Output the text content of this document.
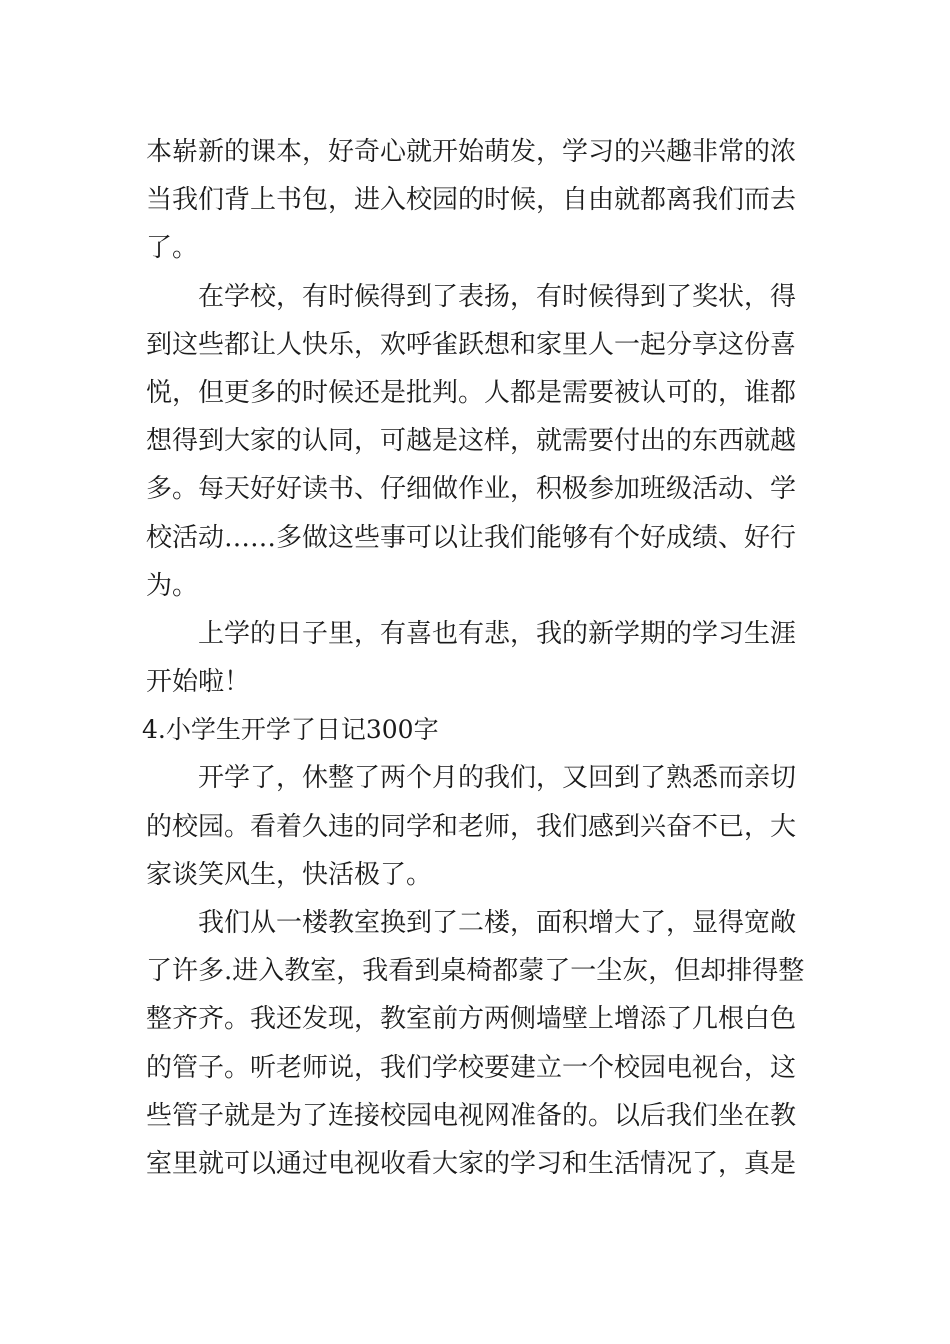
本崭新的课本，好奇心就开始萌发，学习的兴趣非常的浓
当我们背上书包，进入校园的时候，自由就都离我们而去
了。
　　在学校，有时候得到了表扬，有时候得到了奖状，得
到这些都让人快乐，欢呼雀跃想和家里人一起分享这份喜
悦，但更多的时候还是批判。人都是需要被认可的，谁都
想得到大家的认同，可越是这样，就需要付出的东西就越
多。每天好好读书、仔细做作业，积极参加班级活动、学
校活动……多做这些事可以让我们能够有个好成绩、好行
为。
　　上学的日子里，有喜也有悲，我的新学期的学习生涯
开始啦！
4.小学生开学了日记300字
　　开学了，休整了两个月的我们，又回到了熟悉而亲切
的校园。看着久违的同学和老师，我们感到兴奋不已，大
家谈笑风生，快活极了。
　　我们从一楼教室换到了二楼，面积增大了，显得宽敞
了许多.进入教室，我看到桌椅都蒙了一尘灰，但却排得整
整齐齐。我还发现，教室前方两侧墙壁上增添了几根白色
的管子。听老师说，我们学校要建立一个校园电视台，这
些管子就是为了连接校园电视网准备的。以后我们坐在教
室里就可以通过电视收看大家的学习和生活情况了，真是
